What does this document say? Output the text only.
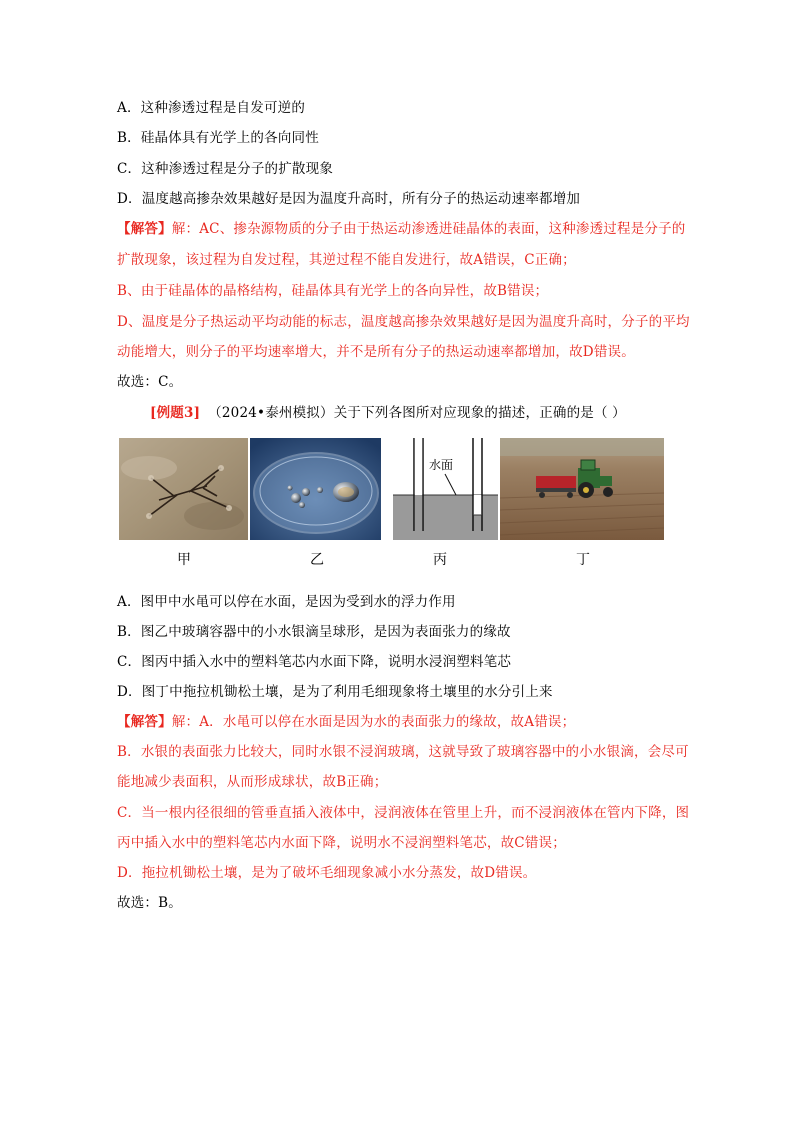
A．这种渗透过程是自发可逆的
B．硅晶体具有光学上的各向同性
C．这种渗透过程是分子的扩散现象
D．温度越高掺杂效果越好是因为温度升高时，所有分子的热运动速率都增加
【解答】解：AC、掺杂源物质的分子由于热运动渗透进硅晶体的表面，这种渗透过程是分子的
扩散现象，该过程为自发过程，其逆过程不能自发进行，故A错误，C正确；
B、由于硅晶体的晶格结构，硅晶体具有光学上的各向异性，故B错误；
D、温度是分子热运动平均动能的标志，温度越高掺杂效果越好是因为温度升高时，分子的平均
动能增大，则分子的平均速率增大，并不是所有分子的热运动速率都增加，故D错误。
故选：C。
[例题3] （2024•泰州模拟）关于下列各图所对应现象的描述，正确的是（ ）
水面
甲	乙	丙	丁
A．图甲中水黾可以停在水面，是因为受到水的浮力作用
B．图乙中玻璃容器中的小水银滴呈球形，是因为表面张力的缘故
C．图丙中插入水中的塑料笔芯内水面下降，说明水浸润塑料笔芯
D．图丁中拖拉机锄松土壤，是为了利用毛细现象将土壤里的水分引上来
【解答】解：A．水黾可以停在水面是因为水的表面张力的缘故，故A错误；
B．水银的表面张力比较大，同时水银不浸润玻璃，这就导致了玻璃容器中的小水银滴，会尽可
能地减少表面积，从而形成球状，故B正确；
C．当一根内径很细的管垂直插入液体中，浸润液体在管里上升，而不浸润液体在管内下降，图
丙中插入水中的塑料笔芯内水面下降，说明水不浸润塑料笔芯，故C错误；
D．拖拉机锄松土壤，是为了破坏毛细现象减小水分蒸发，故D错误。
故选：B。
